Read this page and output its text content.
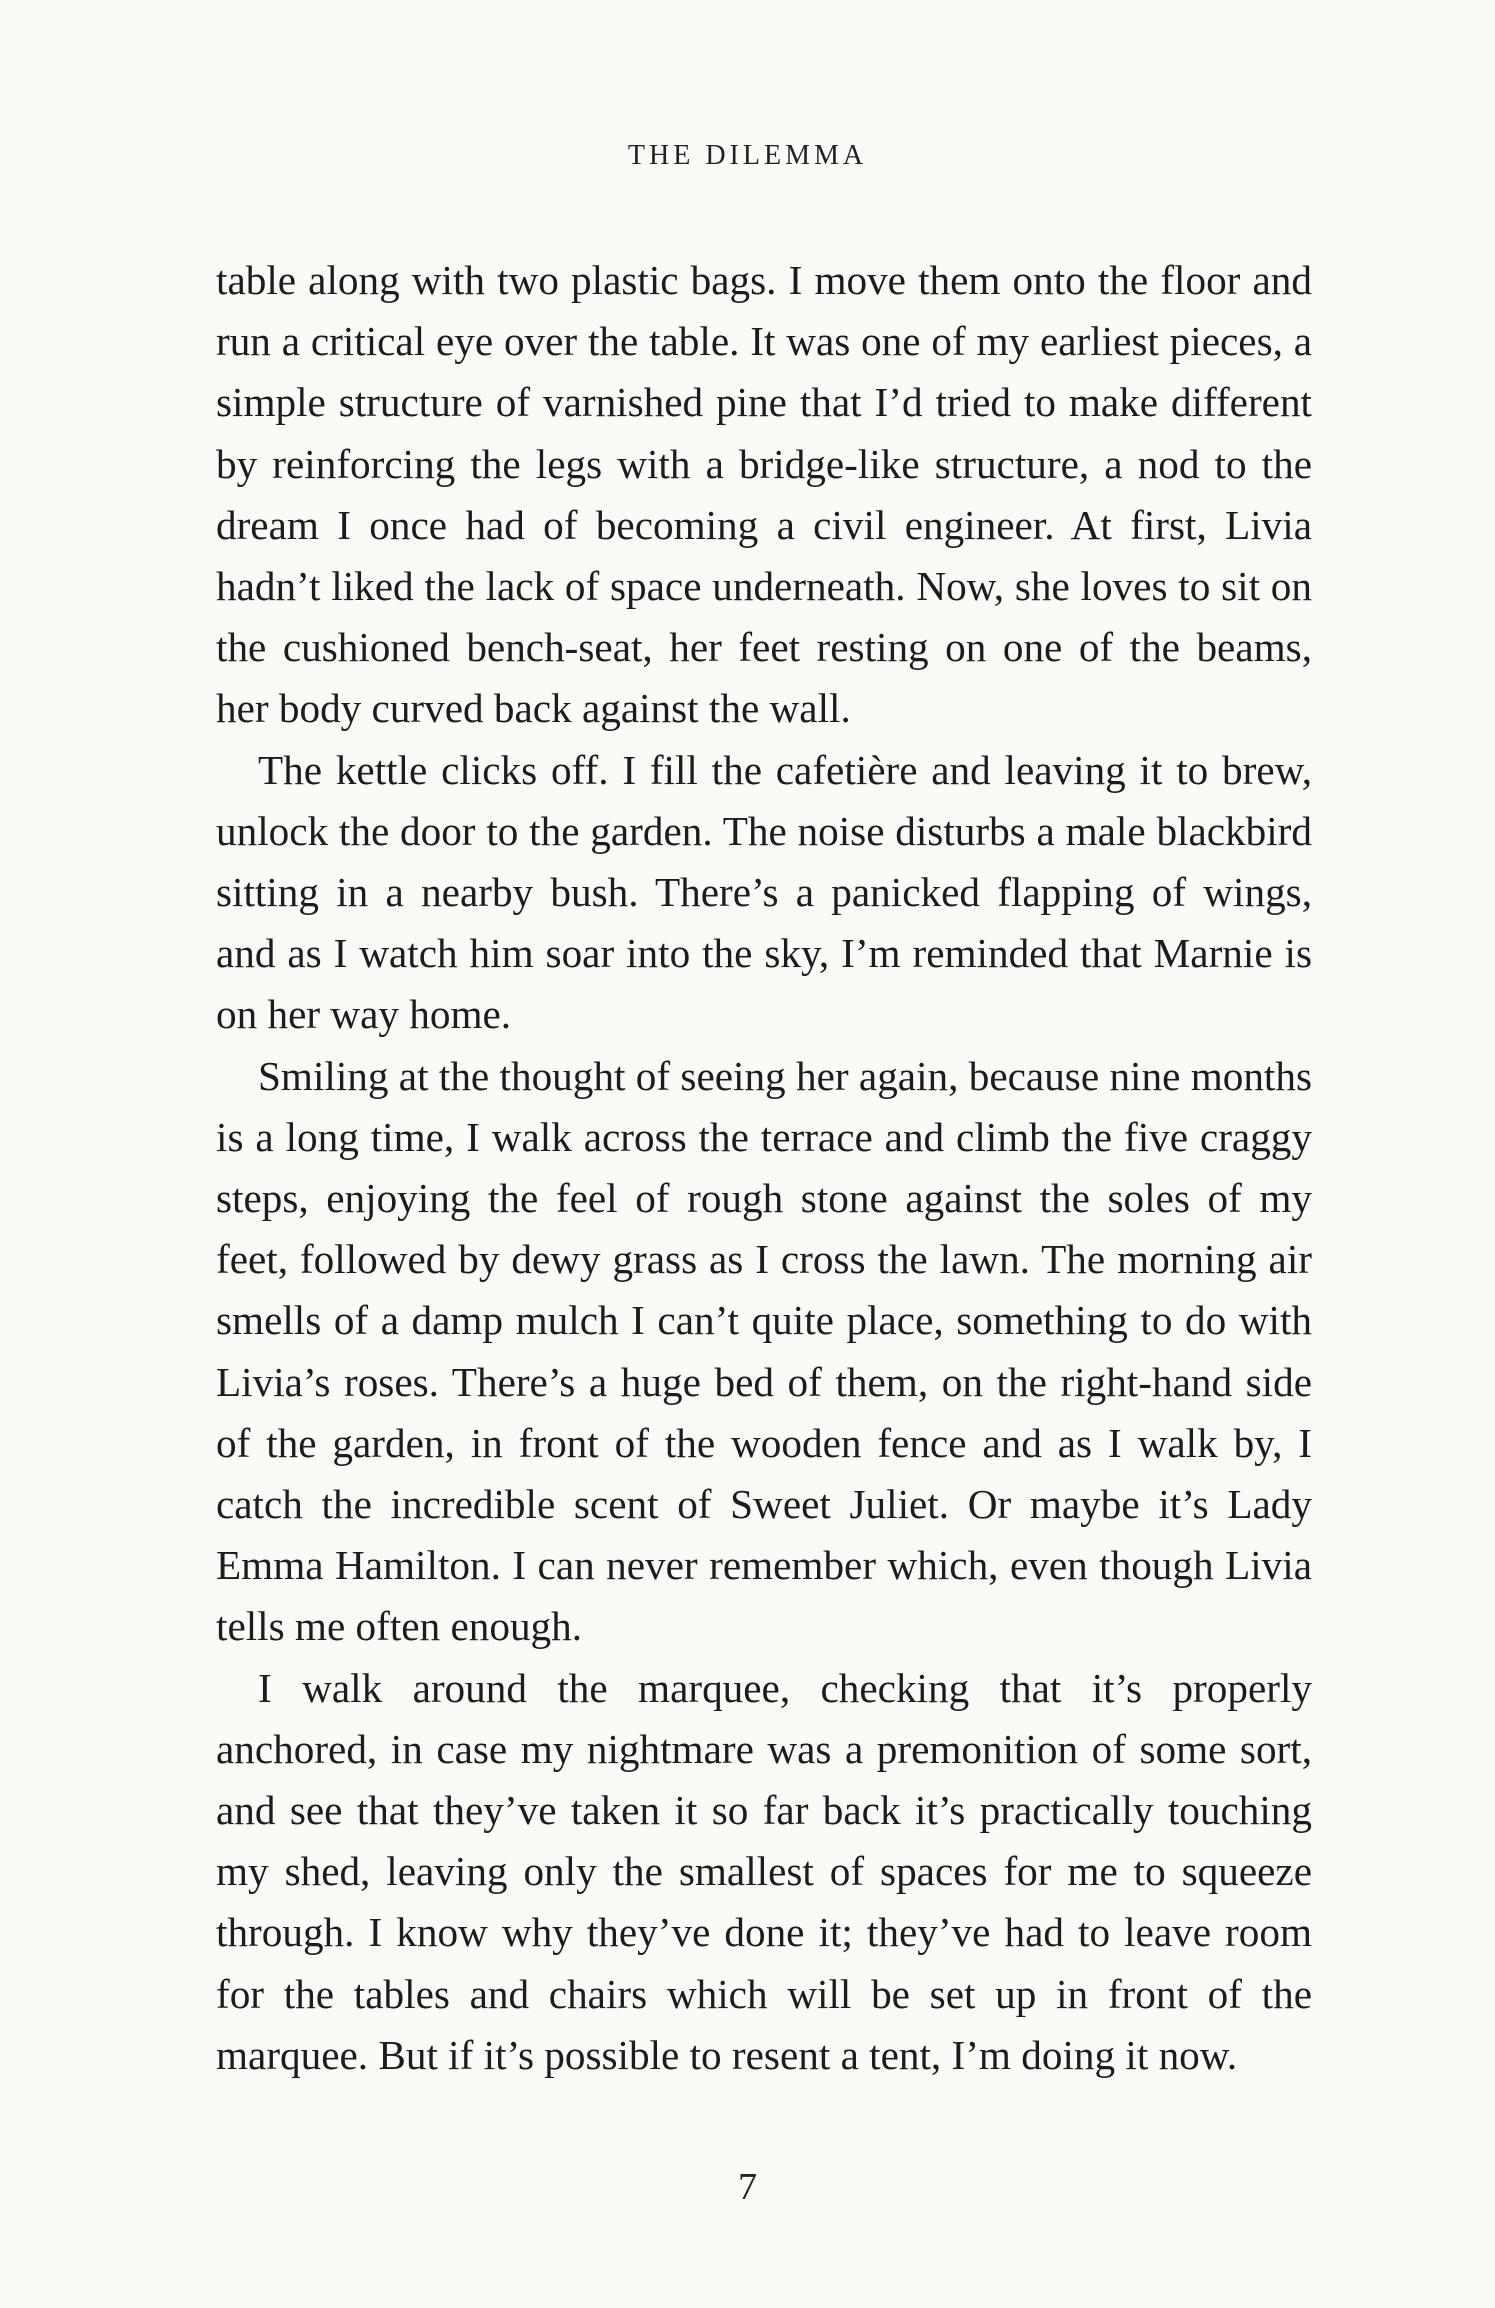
THE DILEMMA

table along with two plastic bags. I move them onto the floor and run a critical eye over the table. It was one of my earliest pieces, a simple structure of varnished pine that I’d tried to make different by reinforcing the legs with a bridge-like structure, a nod to the dream I once had of becoming a civil engineer. At first, Livia hadn’t liked the lack of space underneath. Now, she loves to sit on the cushioned bench-seat, her feet resting on one of the beams, her body curved back against the wall.

The kettle clicks off. I fill the cafetière and leaving it to brew, unlock the door to the garden. The noise disturbs a male blackbird sitting in a nearby bush. There’s a panicked flapping of wings, and as I watch him soar into the sky, I’m reminded that Marnie is on her way home.

Smiling at the thought of seeing her again, because nine months is a long time, I walk across the terrace and climb the five craggy steps, enjoying the feel of rough stone against the soles of my feet, followed by dewy grass as I cross the lawn. The morning air smells of a damp mulch I can’t quite place, something to do with Livia’s roses. There’s a huge bed of them, on the right-hand side of the garden, in front of the wooden fence and as I walk by, I catch the incredible scent of Sweet Juliet. Or maybe it’s Lady Emma Hamilton. I can never remember which, even though Livia tells me often enough.

I walk around the marquee, checking that it’s properly anchored, in case my nightmare was a premonition of some sort, and see that they’ve taken it so far back it’s practically touching my shed, leaving only the smallest of spaces for me to squeeze through. I know why they’ve done it; they’ve had to leave room for the tables and chairs which will be set up in front of the marquee. But if it’s possible to resent a tent, I’m doing it now.

7
